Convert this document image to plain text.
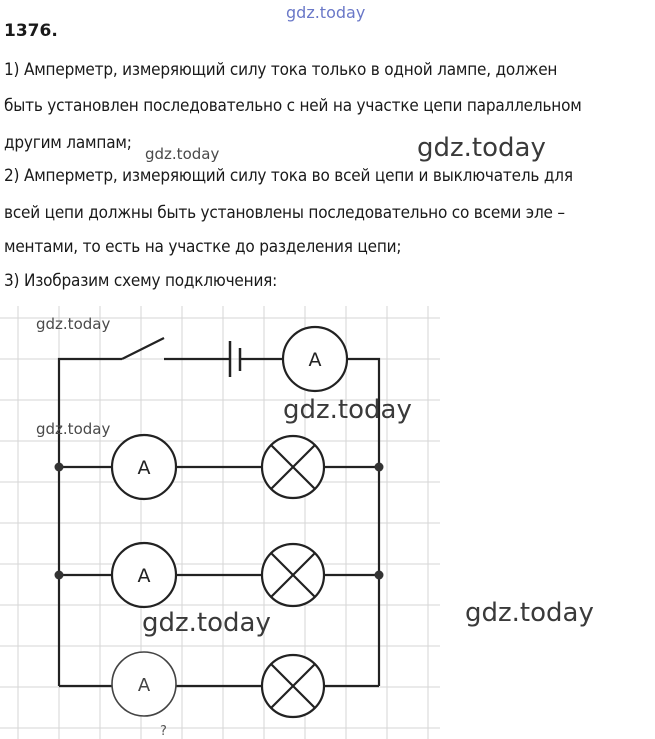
gdz.today
1376.
1) Амперметр, измеряющий силу тока только в одной лампе, должен
быть установлен последовательно с ней на участке цепи параллельном
другим лампам;
2) Амперметр, измеряющий силу тока во всей цепи и выключатель для
всей цепи должны быть установлены последовательно со всеми эле –
ментами, то есть на участке до разделения цепи;
3) Изобразим схему подключения:
A
A
A
A
?
gdz.today	gdz.today
gdz.today
gdz.today
gdz.today
gdz.today	gdz.today
